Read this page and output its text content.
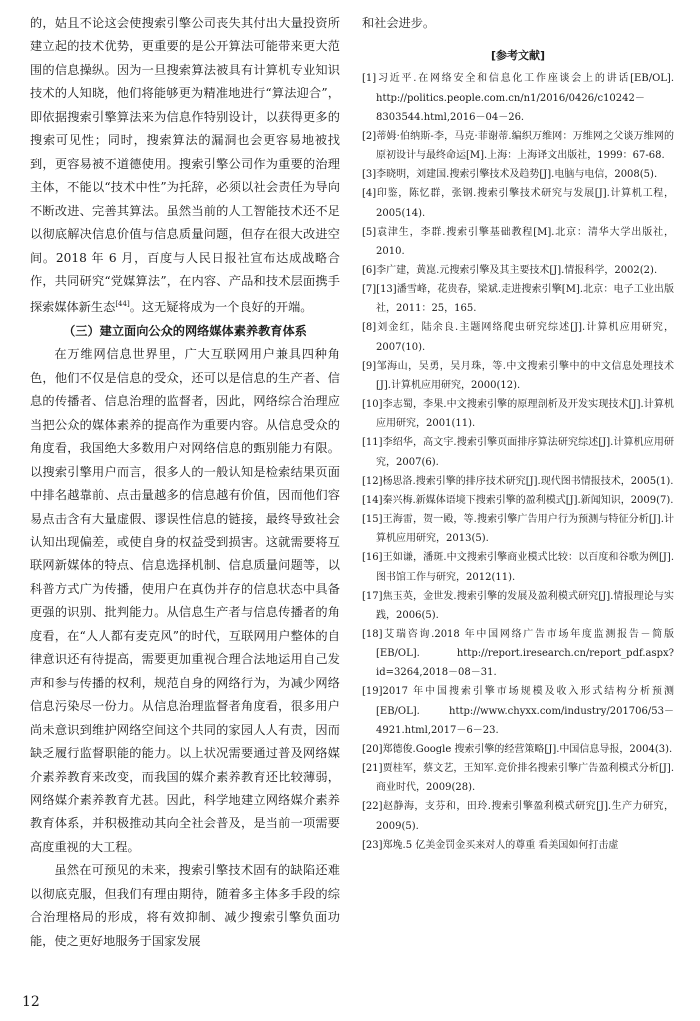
的，姑且不论这会使搜索引擎公司丧失其付出大量投资所建立起的技术优势，更重要的是公开算法可能带来更大范围的信息操纵。因为一旦搜索算法被具有计算机专业知识技术的人知晓，他们将能够更为精准地进行“算法迎合”，即依据搜索引擎算法来为信息作特别设计，以获得更多的搜索可见性；同时，搜索算法的漏洞也会更容易地被找到，更容易被不道德使用。搜索引擎公司作为重要的治理主体，不能以“技术中性”为托辞，必须以社会责任为导向不断改进、完善其算法。虽然当前的人工智能技术还不足以彻底解决信息价值与信息质量问题，但存在很大改进空间。2018 年 6 月，百度与人民日报社宣布达成战略合作，共同研究“党媒算法”，在内容、产品和技术层面携手探索媒体新生态[44]。这无疑将成为一个良好的开端。

（三）建立面向公众的网络媒体素养教育体系

在万维网信息世界里，广大互联网用户兼具四种角色，他们不仅是信息的受众，还可以是信息的生产者、信息的传播者、信息治理的监督者，因此，网络综合治理应当把公众的媒体素养的提高作为重要内容。从信息受众的角度看，我国绝大多数用户对网络信息的甄别能力有限。以搜索引擎用户而言，很多人的一般认知是检索结果页面中排名越靠前、点击量越多的信息越有价值，因而他们容易点击含有大量虚假、谬误性信息的链接，最终导致社会认知出现偏差，或使自身的权益受到损害。这就需要将互联网新媒体的特点、信息选择机制、信息质量问题等，以科普方式广为传播，使用户在真伪并存的信息状态中具备更强的识别、批判能力。从信息生产者与信息传播者的角度看，在“人人都有麦克风”的时代，互联网用户整体的自律意识还有待提高，需要更加重视合理合法地运用自己发声和参与传播的权利，规范自身的网络行为，为减少网络信息污染尽一份力。从信息治理监督者角度看，很多用户尚未意识到维护网络空间这个共同的家园人人有责，因而缺乏履行监督职能的能力。以上状况需要通过普及网络媒介素养教育来改变，而我国的媒介素养教育还比较薄弱，网络媒介素养教育尤甚。因此，科学地建立网络媒介素养教育体系，并积极推动其向全社会普及，是当前一项需要高度重视的大工程。

虽然在可预见的未来，搜索引擎技术固有的缺陷还难以彻底克服，但我们有理由期待，随着多主体多手段的综合治理格局的形成，将有效抑制、减少搜索引擎负面功能，使之更好地服务于国家发展

和社会进步。

[参考文献]
[1]习近平.在网络安全和信息化工作座谈会上的讲话[EB/OL]. http://politics.people.com.cn/n1/2016/0426/c10242－8303544.html,2016－04－26.
[2]蒂姆·伯纳斯-李，马克·菲谢蒂.编织万维网：万维网之父谈万维网的原初设计与最终命运[M].上海：上海译文出版社，1999：67-68.
[3]李晓明，刘建国.搜索引擎技术及趋势[J].电脑与电信，2008(5).
[4]印鉴，陈忆群，张钢.搜索引擎技术研究与发展[J].计算机工程，2005(14).
[5]袁津生，李群.搜索引擎基础教程[M].北京：清华大学出版社，2010.
[6]李广建，黄崑.元搜索引擎及其主要技术[J].情报科学，2002(2).
[7][13]潘雪峰，花贵春，梁斌.走进搜索引擎[M].北京：电子工业出版社，2011：25，165.
[8]刘金红，陆余良.主题网络爬虫研究综述[J].计算机应用研究，2007(10).
[9]邹海山，吴勇，吴月珠，等.中文搜索引擎中的中文信息处理技术[J].计算机应用研究，2000(12).
[10]李志蜀，李果.中文搜索引擎的原理剖析及开发实现技术[J].计算机应用研究，2001(11).
[11]李绍华，高文宇.搜索引擎页面排序算法研究综述[J].计算机应用研究，2007(6).
[12]杨思洛.搜索引擎的排序技术研究[J].现代图书情报技术，2005(1).
[14]秦兴梅.新媒体语境下搜索引擎的盈利模式[J].新闻知识，2009(7).
[15]王海雷，贺一殿，等.搜索引擎广告用户行为预测与特征分析[J].计算机应用研究，2013(5).
[16]王如谦，潘斑.中文搜索引擎商业模式比较：以百度和谷歌为例[J].图书馆工作与研究，2012(11).
[17]焦玉英，金世发.搜索引擎的发展及盈利模式研究[J].情报理论与实践，2006(5).
[18]艾瑞咨询.2018 年中国网络广告市场年度监测报告－简版[EB/OL]. http://report.iresearch.cn/report_pdf.aspx?id=3264,2018－08－31.
[19]2017 年中国搜索引擎市场规模及收入形式结构分析预测[EB/OL]. http://www.chyxx.com/industry/201706/53－4921.html,2017－6－23.
[20]郑德俊.Google 搜索引擎的经营策略[J].中国信息导报，2004(3).
[21]贾桂军，蔡文艺，王知军.竞价排名搜索引擎广告盈利模式分析[J].商业时代，2009(28).
[22]赵静海，支芬和，田玲.搜索引擎盈利模式研究[J].生产力研究，2009(5).
[23]郑堍.5 亿美金罚金买来对人的尊重 看美国如何打击虚
12
